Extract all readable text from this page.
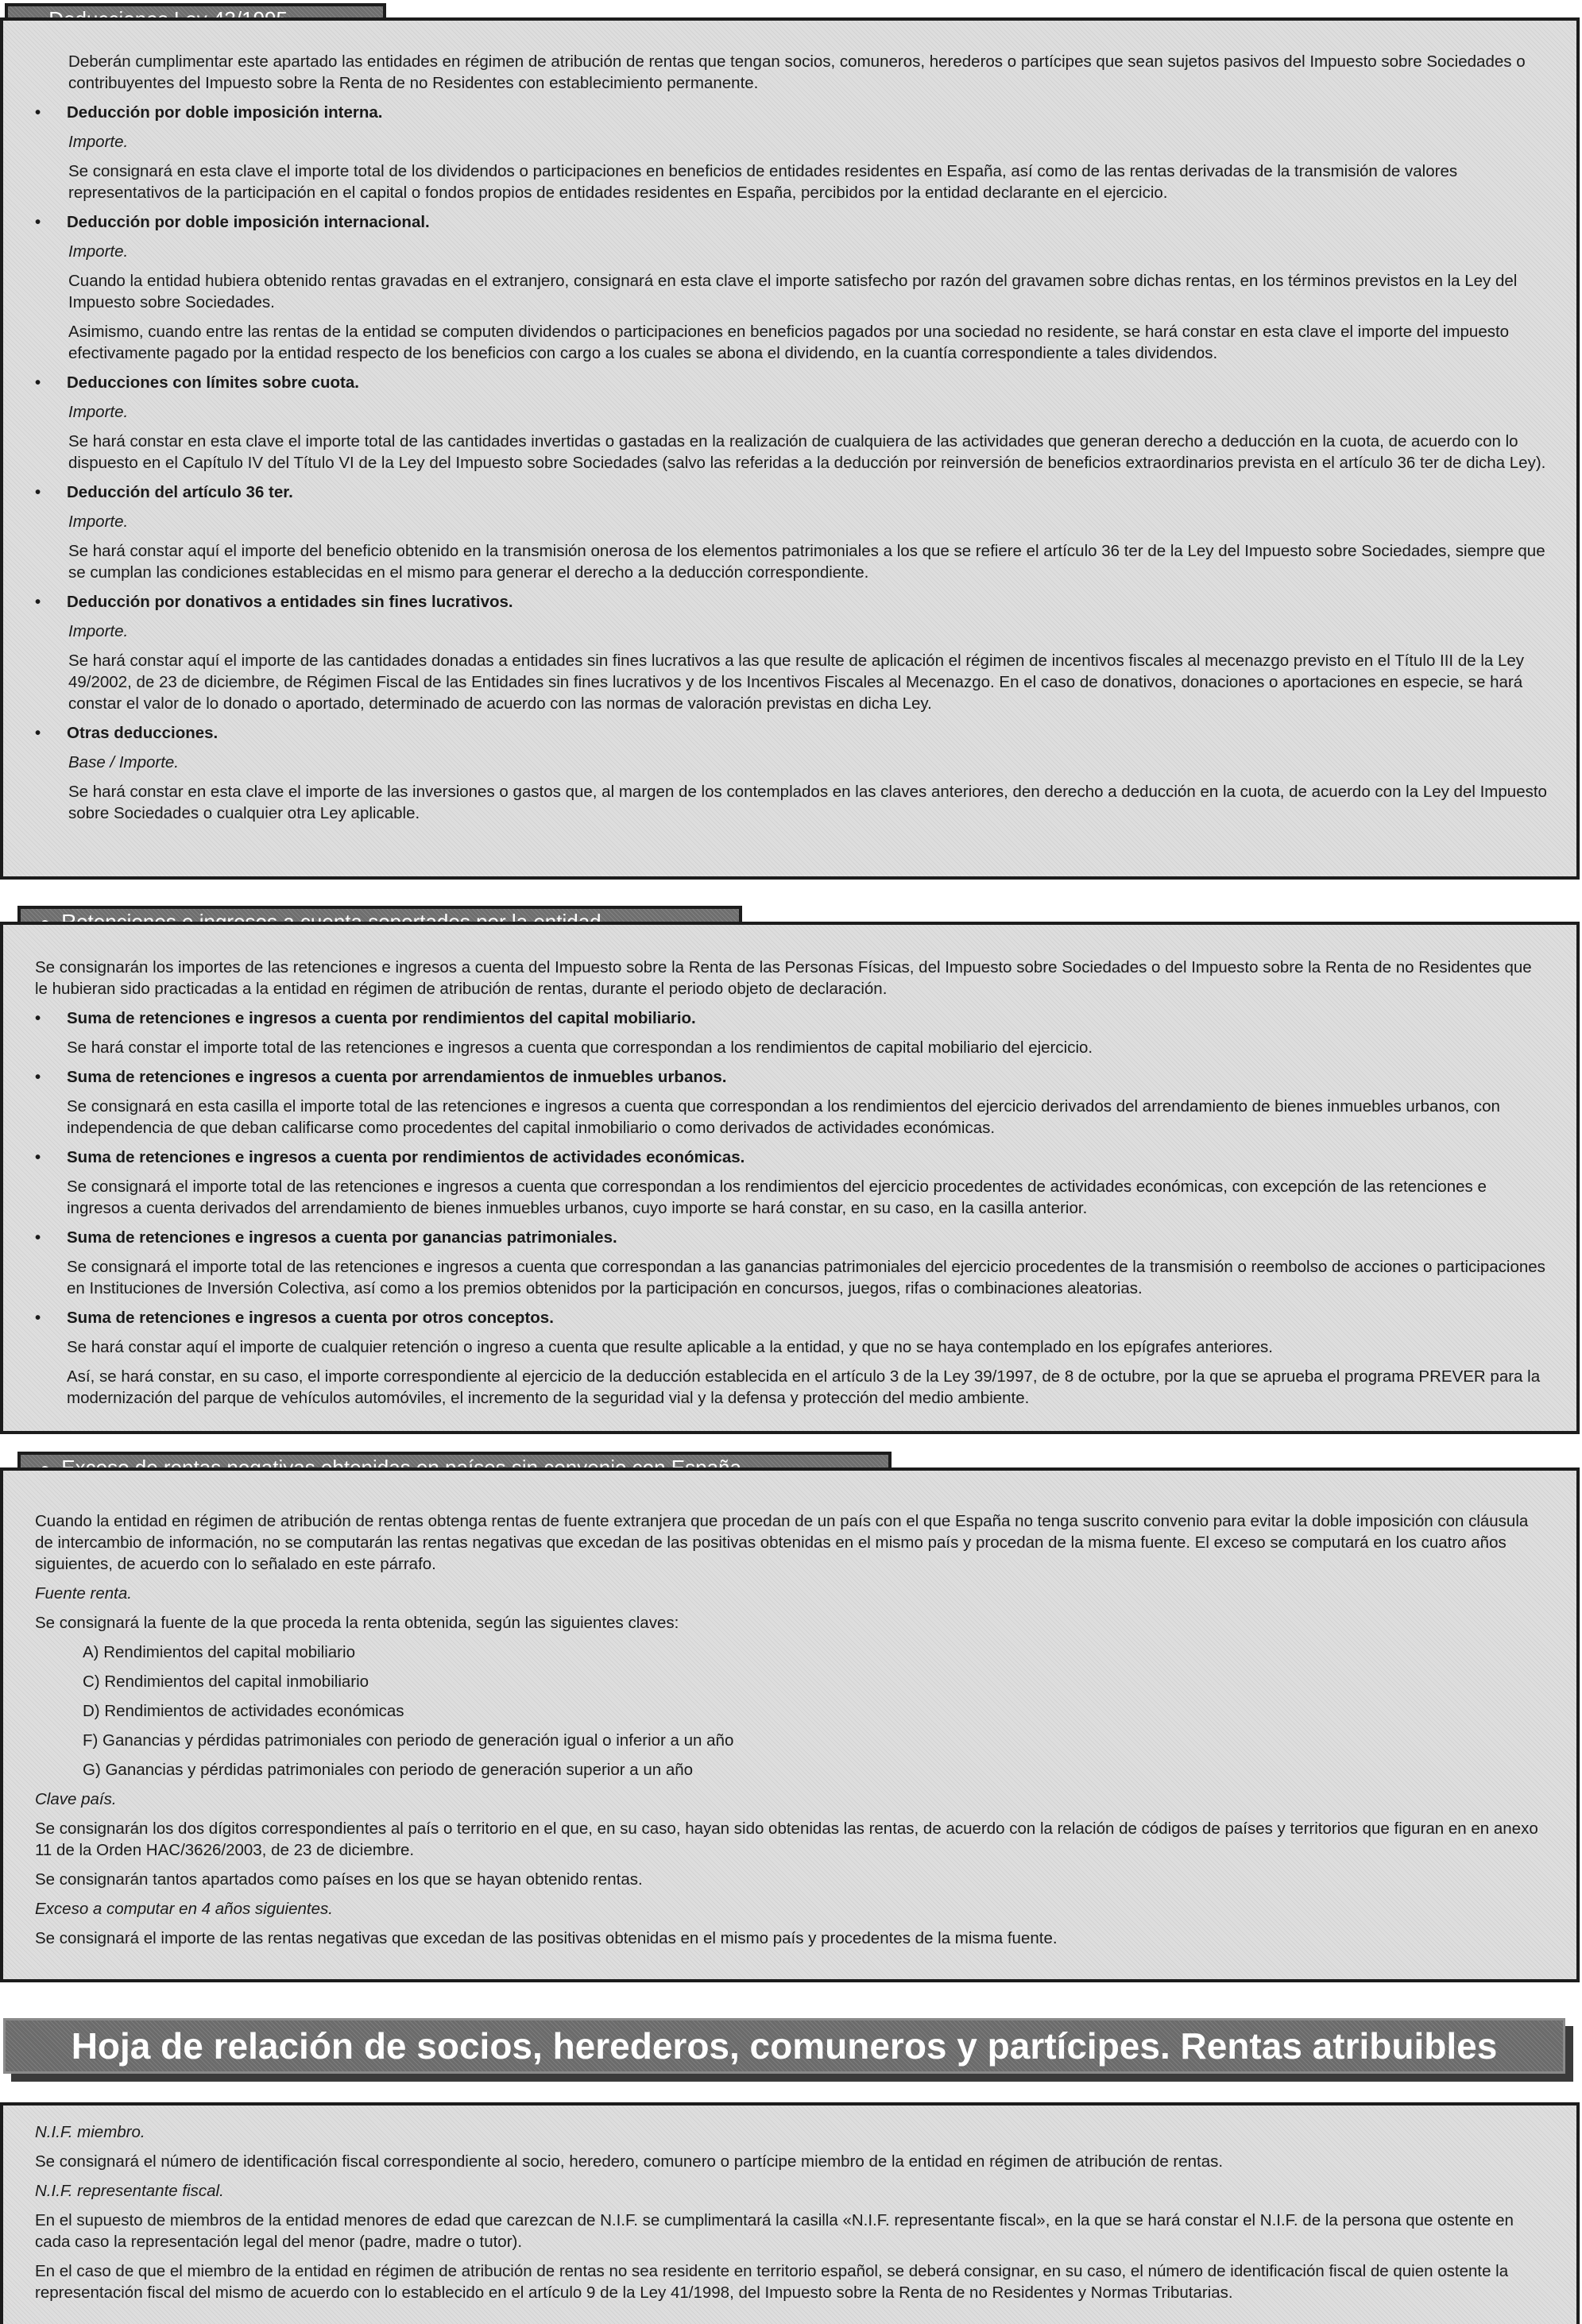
Deberán cumplimentar este apartado las entidades en régimen de atribución de rentas que tengan socios, comuneros, herederos o partícipes que sean sujetos pasivos del Impuesto sobre Sociedades o contribuyentes del Impuesto sobre la Renta de no Residentes con establecimiento permanente.

•	Deducción por doble imposición interna.

Importe.

Se consignará en esta clave el importe total de los dividendos o participaciones en beneficios de entidades residentes en España, así como de las rentas derivadas de la transmisión de valores representativos de la participación en el capital o fondos propios de entidades residentes en España, percibidos por la entidad declarante en el ejercicio.

•	Deducción por doble imposición internacional.

Importe.

Cuando la entidad hubiera obtenido rentas gravadas en el extranjero, consignará en esta clave el importe satisfecho por razón del gravamen sobre dichas rentas, en los términos previstos en la Ley del Impuesto sobre Sociedades.

Asimismo, cuando entre las rentas de la entidad se computen dividendos o participaciones en beneficios pagados por una sociedad no residente, se hará constar en esta clave el importe del impuesto efectivamente pagado por la entidad respecto de los beneficios con cargo a los cuales se abona el dividendo, en la cuantía correspondiente a tales dividendos.

•	Deducciones con límites sobre cuota.

Importe.

Se hará constar en esta clave el importe total de las cantidades invertidas o gastadas en la realización de cualquiera de las actividades que generan derecho a deducción en la cuota, de acuerdo con lo dispuesto en el Capítulo IV del Título VI de la Ley del Impuesto sobre Sociedades (salvo las referidas a la deducción por reinversión de beneficios extraordinarios prevista en el artículo 36 ter de dicha Ley).

•	Deducción del artículo 36 ter.

Importe.

Se hará constar aquí el importe del beneficio obtenido en la transmisión onerosa de los elementos patrimoniales a los que se refiere el artículo 36 ter de la Ley del Impuesto sobre Sociedades, siempre que se cumplan las condiciones establecidas en el mismo para generar el derecho a la deducción correspondiente.

•	Deducción por donativos a entidades sin fines lucrativos.

Importe.

Se hará constar aquí el importe de las cantidades donadas a entidades sin fines lucrativos a las que resulte de aplicación el régimen de incentivos fiscales al mecenazgo previsto en el Título III de la Ley 49/2002, de 23 de diciembre, de Régimen Fiscal de las Entidades sin fines lucrativos y de los Incentivos Fiscales al Mecenazgo. En el caso de donativos, donaciones o aportaciones en especie, se hará constar el valor de lo donado o aportado, determinado de acuerdo con las normas de valoración previstas en dicha Ley.

•	Otras deducciones.

Base / Importe.

Se hará constar en esta clave el importe de las inversiones o gastos que, al margen de los contemplados en las claves anteriores, den derecho a deducción en la cuota, de acuerdo con la Ley del Impuesto sobre Sociedades o cualquier otra Ley aplicable.

Se consignarán los importes de las retenciones e ingresos a cuenta del Impuesto sobre la Renta de las Personas Físicas, del Impuesto sobre Sociedades o del Impuesto sobre la Renta de no Residentes que le hubieran sido practicadas a la entidad en régimen de atribución de rentas, durante el periodo objeto de declaración.

•	Suma de retenciones e ingresos a cuenta por rendimientos del capital mobiliario.

Se hará constar el importe total de las retenciones e ingresos a cuenta que correspondan a los rendimientos de capital mobiliario del ejercicio.

•	Suma de retenciones e ingresos a cuenta por arrendamientos de inmuebles urbanos.

Se consignará en esta casilla el importe total de las retenciones e ingresos a cuenta que correspondan a los rendimientos del ejercicio derivados del arrendamiento de bienes inmuebles urbanos, con independencia de que deban calificarse como procedentes del capital inmobiliario o como derivados de actividades económicas.

•	Suma de retenciones e ingresos a cuenta por rendimientos de actividades económicas.

Se consignará el importe total de las retenciones e ingresos a cuenta que correspondan a los rendimientos del ejercicio procedentes de actividades económicas, con excepción de las retenciones e ingresos a cuenta derivados del arrendamiento de bienes inmuebles urbanos, cuyo importe se hará constar, en su caso, en la casilla anterior.

•	Suma de retenciones e ingresos a cuenta por ganancias patrimoniales.

Se consignará el importe total de las retenciones e ingresos a cuenta que correspondan a las ganancias patrimoniales del ejercicio procedentes de la transmisión o reembolso de acciones o participaciones en Instituciones de Inversión Colectiva, así como a los premios obtenidos por la participación en concursos, juegos, rifas o combinaciones aleatorias.

•	Suma de retenciones e ingresos a cuenta por otros conceptos.

Se hará constar aquí el importe de cualquier retención o ingreso a cuenta que resulte aplicable a la entidad, y que no se haya contemplado en los epígrafes anteriores.

Así, se hará constar, en su caso, el importe correspondiente al ejercicio de la deducción establecida en el artículo 3 de la Ley 39/1997, de 8 de octubre, por la que se aprueba el programa PREVER para la modernización del parque de vehículos automóviles, el incremento de la seguridad vial y la defensa y protección del medio ambiente.

Cuando la entidad en régimen de atribución de rentas obtenga rentas de fuente extranjera que procedan de un país con el que España no tenga suscrito convenio para evitar la doble imposición con cláusula de intercambio de información, no se computarán las rentas negativas que excedan de las positivas obtenidas en el mismo país y procedan de la misma fuente. El exceso se computará en los cuatro años siguientes, de acuerdo con lo señalado en este párrafo.

Fuente renta.

Se consignará la fuente de la que proceda la renta obtenida, según las siguientes claves:

A) Rendimientos del capital mobiliario
C) Rendimientos del capital inmobiliario
D) Rendimientos de actividades económicas
F) Ganancias y pérdidas patrimoniales con periodo de generación igual o inferior a un año
G) Ganancias y pérdidas patrimoniales con periodo de generación superior a un año

Clave país.

Se consignarán los dos dígitos correspondientes al país o territorio en el que, en su caso, hayan sido obtenidas las rentas, de acuerdo con la relación de códigos de países y territorios que figuran en en anexo 11 de la Orden HAC/3626/2003, de 23 de diciembre.

Se consignarán tantos apartados como países en los que se hayan obtenido rentas.

Exceso a computar en 4 años siguientes.

Se consignará el importe de las rentas negativas que excedan de las positivas obtenidas en el mismo país y procedentes de la misma fuente.

Hoja de relación de socios, herederos, comuneros y partícipes. Rentas atribuibles

N.I.F. miembro.

Se consignará el número de identificación fiscal correspondiente al socio, heredero, comunero o partícipe miembro de la entidad en régimen de atribución de rentas.

N.I.F. representante fiscal.

En el supuesto de miembros de la entidad menores de edad que carezcan de N.I.F. se cumplimentará la casilla «N.I.F. representante fiscal», en la que se hará constar el N.I.F. de la persona que ostente en cada caso la representación legal del menor (padre, madre o tutor).

En el caso de que el miembro de la entidad en régimen de atribución de rentas no sea residente en territorio español, se deberá consignar, en su caso, el número de identificación fiscal de quien ostente la representación fiscal del mismo de acuerdo con lo establecido en el artículo 9 de la Ley 41/1998, del Impuesto sobre la Renta de no Residentes y Normas Tributarias.
